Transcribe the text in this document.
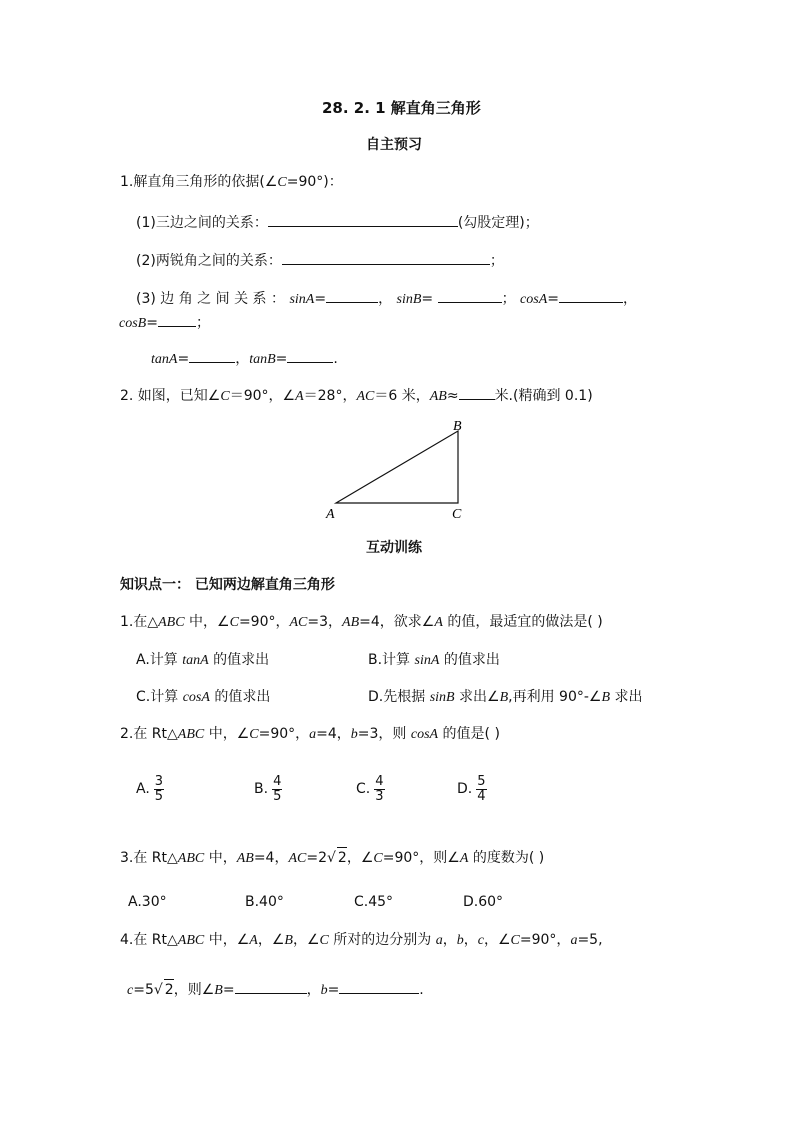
28. 2. 1 解直角三角形
自主预习
1.解直角三角形的依据(∠C=90°)：
(1)三边之间的关系：	(勾股定理)；
(2)两锐角之间的关系：	；
(3) 边 角 之 间 关 系 ： sinA=	， sinB=	； cosA=	，
cosB=	；
tanA=	，tanB=	.
2. 如图，已知∠C＝90°，∠A＝28°，AC＝6 米，AB≈	米.(精确到 0.1)
B
A	C
互动训练
知识点一： 已知两边解直角三角形
1.在△ABC 中，∠C=90°，AC=3，AB=4，欲求∠A 的值，最适宜的做法是( )
A.计算 tanA 的值求出	B.计算 sinA 的值求出
C.计算 cosA 的值求出	D.先根据 sinB 求出∠B,再利用 90°-∠B 求出
2.在 Rt△ABC 中，∠C=90°，a=4，b=3，则 cosA 的值是( )
A. $\frac{3}{5}$	B. $\frac{4}{5}$	C. $\frac{4}{3}$	D. $\frac{5}{4}$
3.在 Rt△ABC 中，AB=4，AC=2√ 2，∠C=90°，则∠A 的度数为( )
A.30°	B.40°	C.45°	D.60°
4.在 Rt△ABC 中，∠A，∠B，∠C 所对的边分别为 a，b，c，∠C=90°，a=5,
c=5√ 2，则∠B=	，b=	.
